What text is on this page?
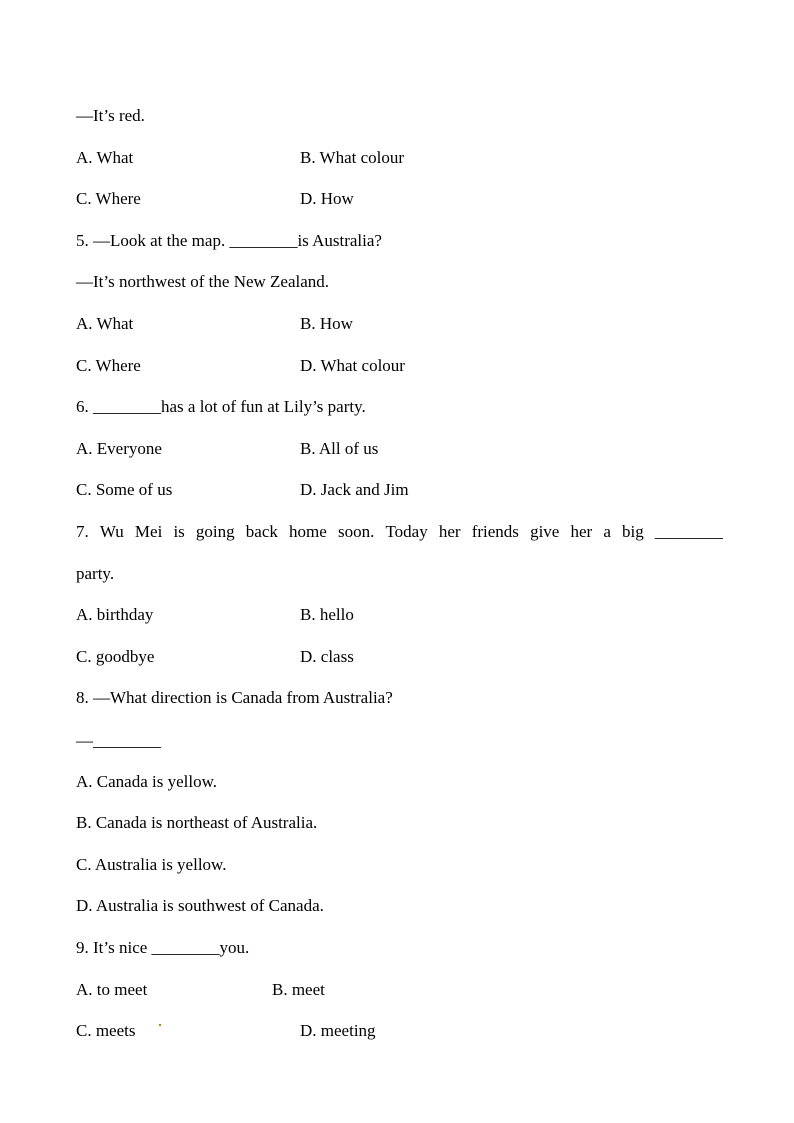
—It’s red.
A. What	B. What colour
C. Where	D. How
5. —Look at the map. ________is Australia?
—It’s northwest of the New Zealand.
A. What	B. How
C. Where	D. What colour
6. ________has a lot of fun at Lily’s party.
A. Everyone	B. All of us
C. Some of us	D. Jack and Jim
7. Wu Mei is going back home soon. Today her friends give her a big ________
party.
A. birthday	B. hello
C. goodbye	D. class
8. —What direction is Canada from Australia?
—________
A. Canada is yellow.
B. Canada is northeast of Australia.
C. Australia is yellow.
D. Australia is southwest of Canada.
9. It’s nice ________you.
A. to meet	B. meet
C. meets	D. meeting
